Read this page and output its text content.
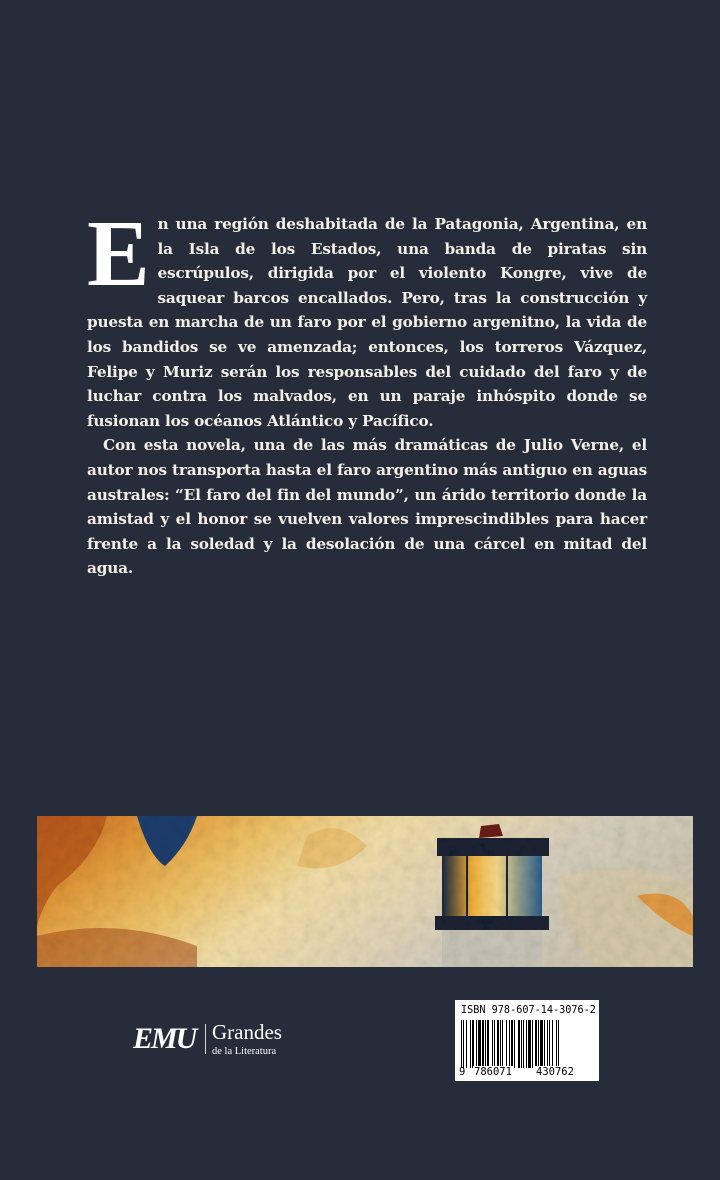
En una región deshabitada de la Patagonia, Argentina, en la Isla de los Estados, una banda de piratas sin escrúpulos, dirigida por el violento Kongre, vive de saquear barcos encallados. Pero, tras la construcción y puesta en marcha de un faro por el gobierno argenitno, la vida de los bandidos se ve amenzada; entonces, los torreros Vázquez, Felipe y Muriz serán los responsables del cuidado del faro y de luchar contra los malvados, en un paraje inhóspito donde se fusionan los océanos Atlántico y Pacífico.

Con esta novela, una de las más dramáticas de Julio Verne, el autor nos transporta hasta el faro argentino más antiguo en aguas australes: “El faro del fin del mundo”, un árido territorio donde la amistad y el honor se vuelven valores imprescindibles para hacer frente a la soledad y la desolación de una cárcel en mitad del agua.

EMU Grandes
de la Literatura
ISBN 978-607-14-3076-2
9 786071 430762
